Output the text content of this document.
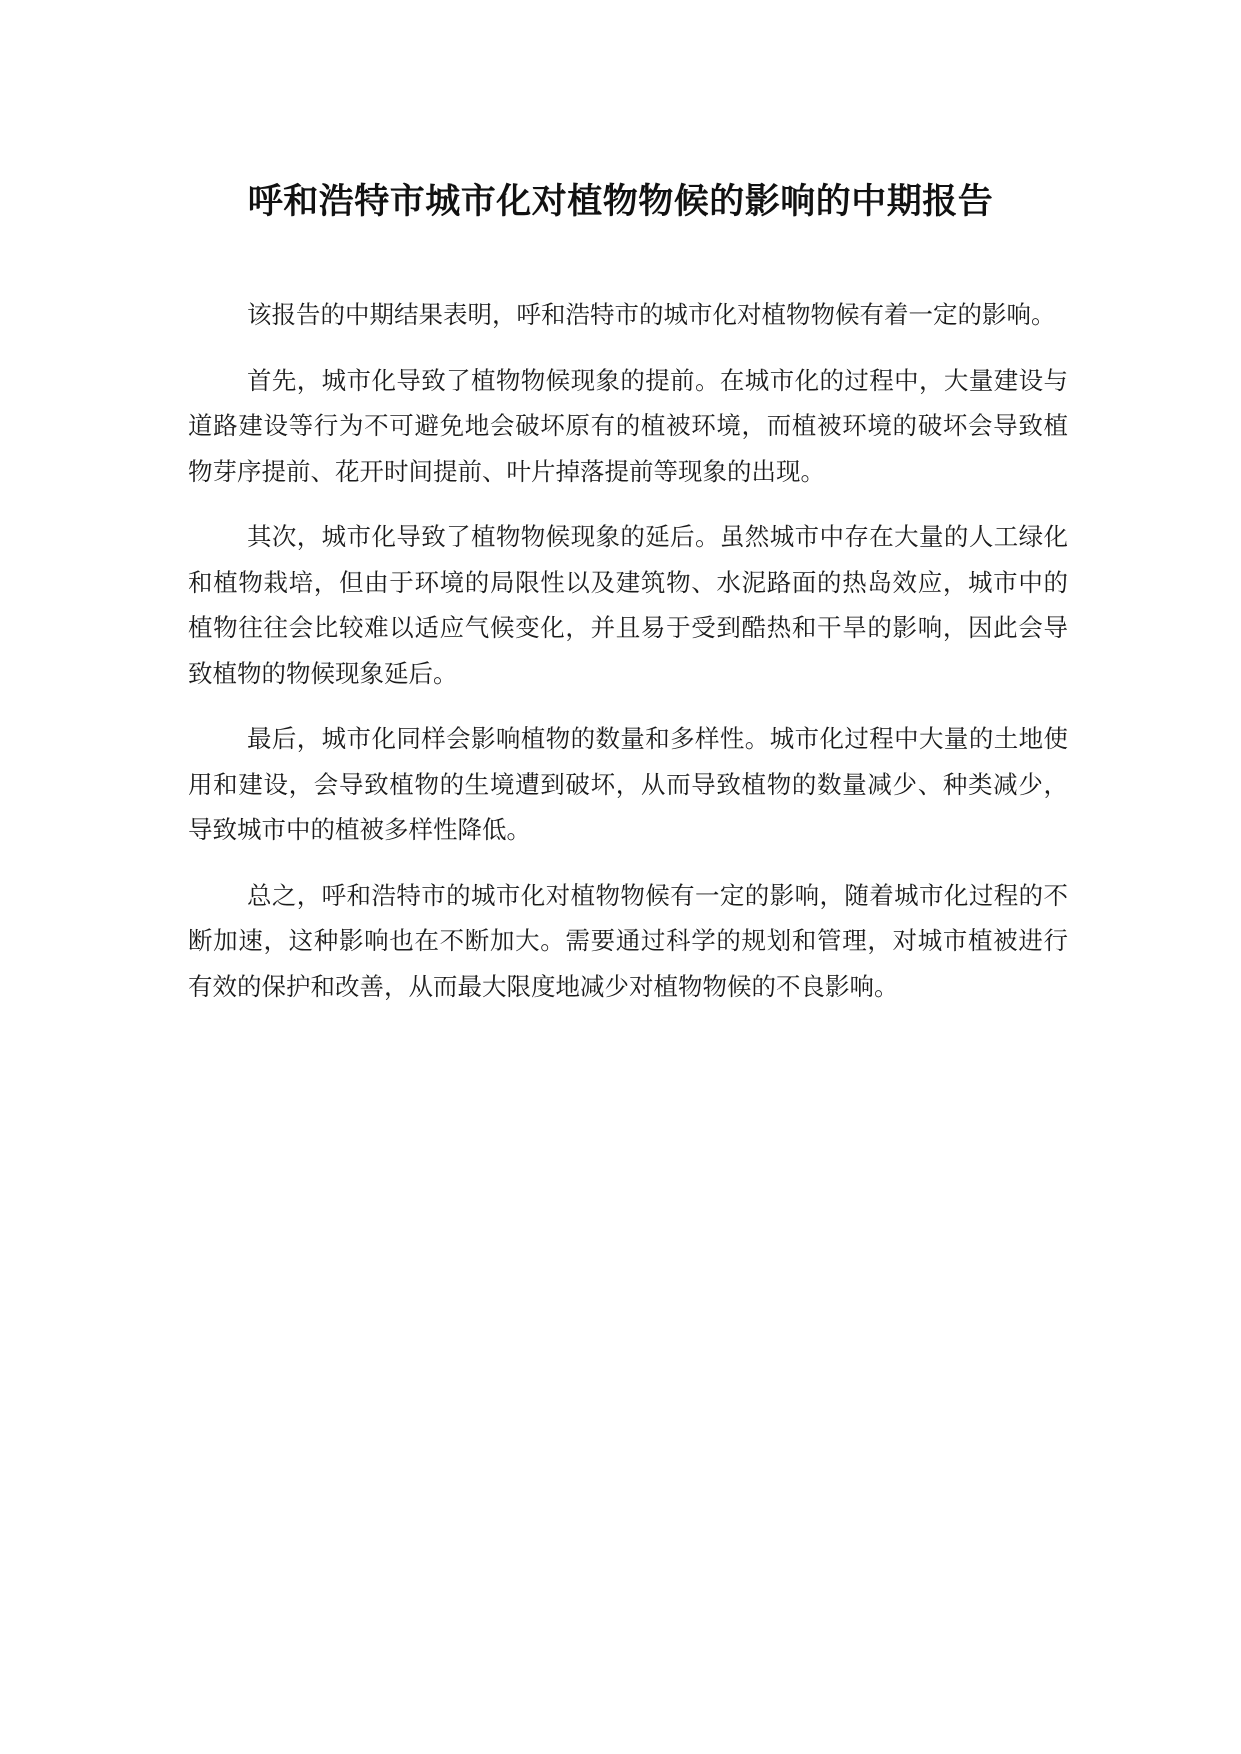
呼和浩特市城市化对植物物候的影响的中期报告

该报告的中期结果表明，呼和浩特市的城市化对植物物候有着一定的影响。

首先，城市化导致了植物物候现象的提前。在城市化的过程中，大量建设与道路建设等行为不可避免地会破坏原有的植被环境，而植被环境的破坏会导致植物芽序提前、花开时间提前、叶片掉落提前等现象的出现。

其次，城市化导致了植物物候现象的延后。虽然城市中存在大量的人工绿化和植物栽培，但由于环境的局限性以及建筑物、水泥路面的热岛效应，城市中的植物往往会比较难以适应气候变化，并且易于受到酷热和干旱的影响，因此会导致植物的物候现象延后。

最后，城市化同样会影响植物的数量和多样性。城市化过程中大量的土地使用和建设，会导致植物的生境遭到破坏，从而导致植物的数量减少、种类减少，导致城市中的植被多样性降低。

总之，呼和浩特市的城市化对植物物候有一定的影响，随着城市化过程的不断加速，这种影响也在不断加大。需要通过科学的规划和管理，对城市植被进行有效的保护和改善，从而最大限度地减少对植物物候的不良影响。
